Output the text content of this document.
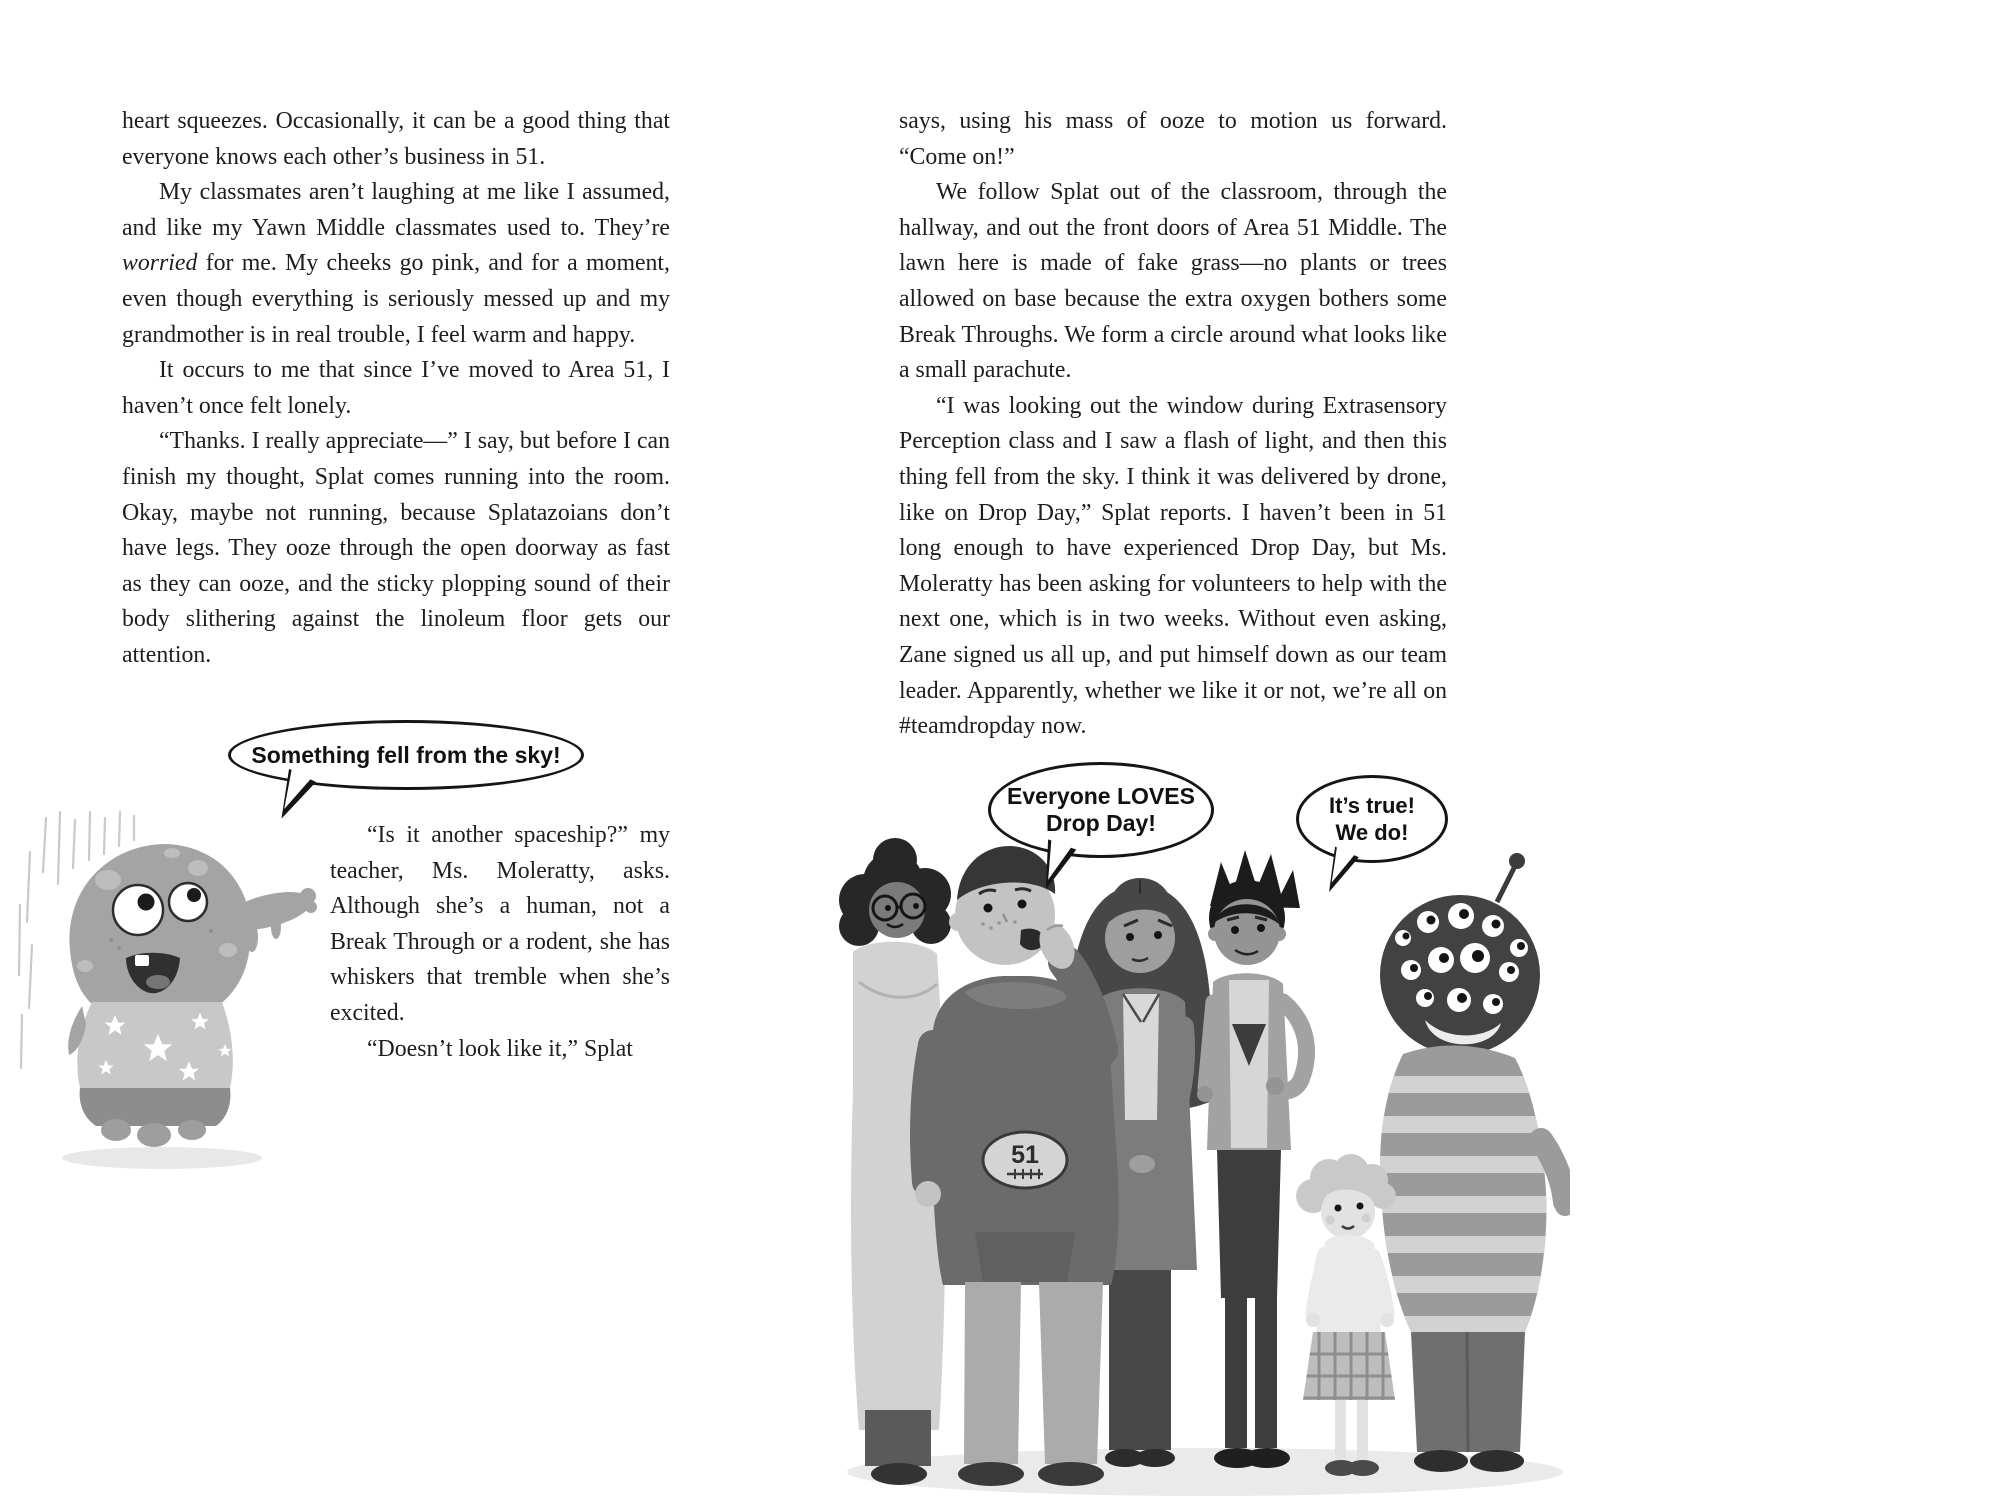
heart squeezes. Occasionally, it can be a good thing that everyone knows each other’s business in 51.

My classmates aren’t laughing at me like I assumed, and like my Yawn Middle classmates used to. They’re worried for me. My cheeks go pink, and for a moment, even though everything is seriously messed up and my grandmother is in real trouble, I feel warm and happy.

It occurs to me that since I’ve moved to Area 51, I haven’t once felt lonely.

“Thanks. I really appreciate—” I say, but before I can finish my thought, Splat comes running into the room. Okay, maybe not running, because Splatazoians don’t have legs. They ooze through the open doorway as fast as they can ooze, and the sticky plopping sound of their body slithering against the linoleum floor gets our attention.

Something fell from the sky!

“Is it another spaceship?” my teacher, Ms. Moleratty, asks. Although she’s a human, not a Break Through or a rodent, she has whiskers that tremble when she’s excited.

“Doesn’t look like it,” Splat

says, using his mass of ooze to motion us forward. “Come on!”

We follow Splat out of the classroom, through the hallway, and out the front doors of Area 51 Middle. The lawn here is made of fake grass—no plants or trees allowed on base because the extra oxygen bothers some Break Throughs. We form a circle around what looks like a small parachute.

“I was looking out the window during Extrasensory Perception class and I saw a flash of light, and then this thing fell from the sky. I think it was delivered by drone, like on Drop Day,” Splat reports. I haven’t been in 51 long enough to have experienced Drop Day, but Ms. Moleratty has been asking for volunteers to help with the next one, which is in two weeks. Without even asking, Zane signed us all up, and put himself down as our team leader. Apparently, whether we like it or not, we’re all on #teamdropday now.

Everyone LOVES
Drop Day!
It’s true!
We do!
51
